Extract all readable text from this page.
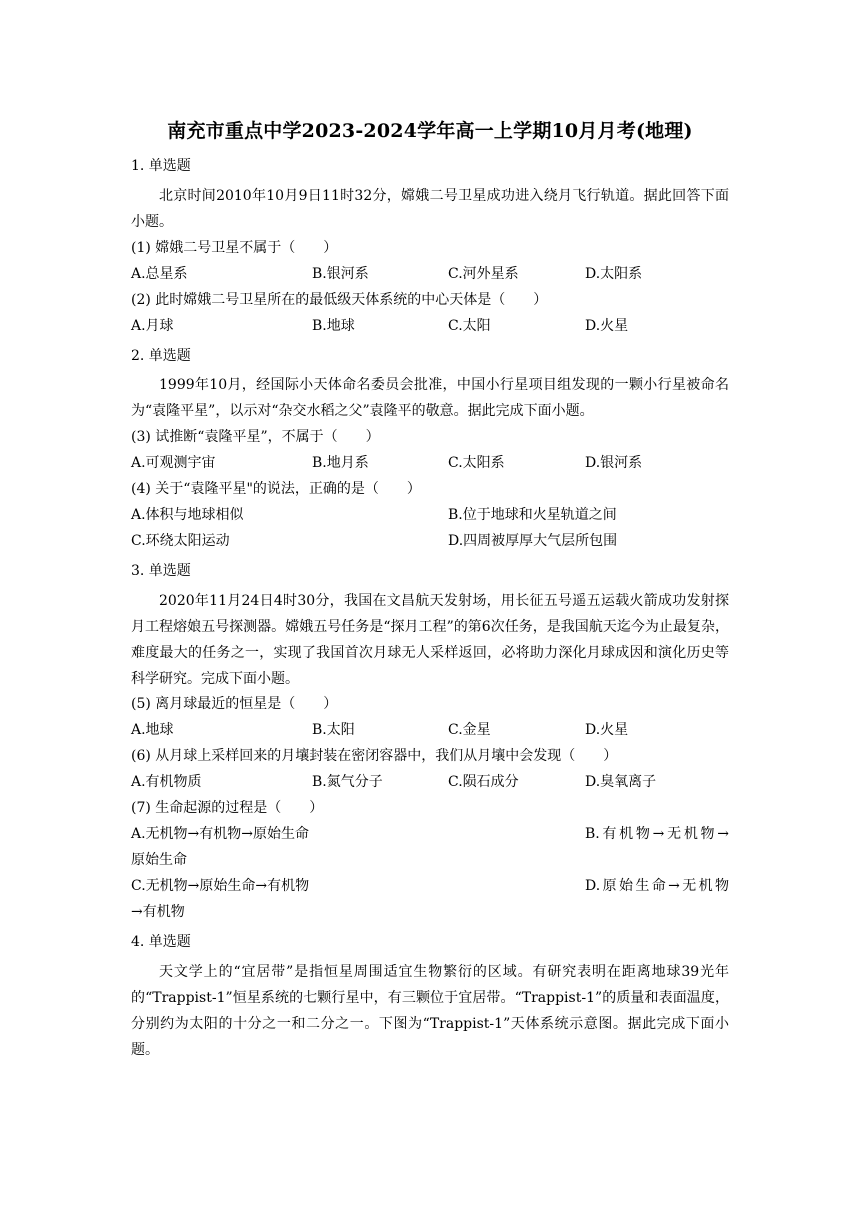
南充市重点中学2023-2024学年高一上学期10月月考(地理)
1. 单选题
北京时间2010年10月9日11时32分，嫦娥二号卫星成功进入绕月飞行轨道。据此回答下面小题。
(1) 嫦娥二号卫星不属于（　　）
A.总星系	B.银河系	C.河外星系	D.太阳系
(2) 此时嫦娥二号卫星所在的最低级天体系统的中心天体是（　　）
A.月球	B.地球	C.太阳	D.火星
2. 单选题
1999年10月，经国际小天体命名委员会批准，中国小行星项目组发现的一颗小行星被命名为“袁隆平星”，以示对“杂交水稻之父”袁隆平的敬意。据此完成下面小题。
(3) 试推断“袁隆平星”，不属于（　　）
A.可观测宇宙	B.地月系	C.太阳系	D.银河系
(4) 关于“袁隆平星"的说法，正确的是（　　）
A.体积与地球相似	B.位于地球和火星轨道之间
C.环绕太阳运动	D.四周被厚厚大气层所包围
3. 单选题
2020年11月24日4时30分，我国在文昌航天发射场，用长征五号遥五运载火箭成功发射探月工程熔娘五号探测器。嫦娥五号任务是“探月工程”的第6次任务，是我国航天迄今为止最复杂，难度最大的任务之一，实现了我国首次月球无人采样返回，必将助力深化月球成因和演化历史等科学研究。完成下面小题。
(5) 离月球最近的恒星是（　　）
A.地球	B.太阳	C.金星	D.火星
(6) 从月球上采样回来的月壤封装在密闭容器中，我们从月壤中会发现（　　）
A.有机物质	B.氮气分子	C.陨石成分	D.臭氧离子
(7) 生命起源的过程是（　　）
A.无机物→有机物→原始生命	B.有机物→无机物→
原始生命
C.无机物→原始生命→有机物	D.原始生命→无机物
→有机物
4. 单选题
天文学上的“宜居带”是指恒星周围适宜生物繁衍的区域。有研究表明在距离地球39光年的“Trappist-1”恒星系统的七颗行星中，有三颗位于宜居带。“Trappist-1”的质量和表面温度，分别约为太阳的十分之一和二分之一。下图为“Trappist-1”天体系统示意图。据此完成下面小题。
